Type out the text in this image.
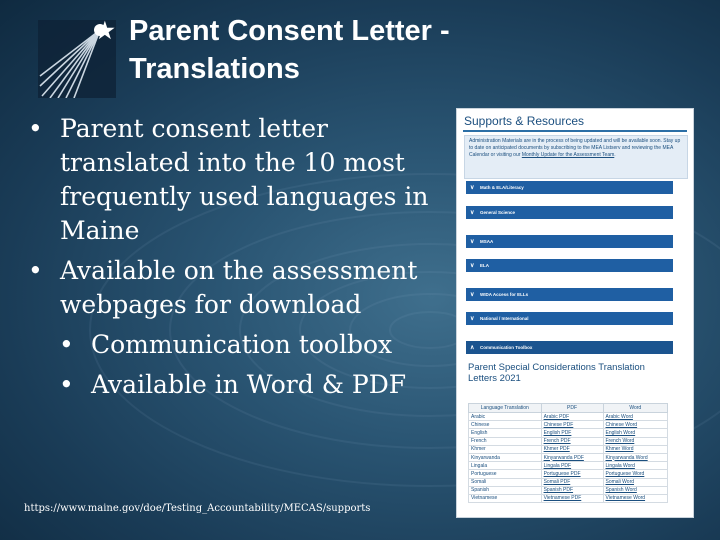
★ Parent Consent Letter -
Translations
• Parent consent letter translated into the 10 most frequently used languages in Maine
• Available on the assessment webpages for download
• Communication toolbox
• Available in Word & PDF
https://www.maine.gov/doe/Testing_Accountability/MECAS/supports
Supports & Resources
Administration Materials are in the process of being updated and will be available soon. Stay up to date on anticipated documents by subscribing to the MEA Listserv and reviewing the MEA Calendar or visiting our Monthly Update for the Assessment Team.
∨ Math & ELA/Literacy
∨ General Science
∨ MSAA
∨ ELA
∨ WIDA Access for ELLs
∨ National / International
∧ Communication Toolbox
Parent Special Considerations Translation Letters 2021
Language Translation	PDF	Word
Arabic	Arabic PDF	Arabic Word
Chinese	Chinese PDF	Chinese Word
English	English PDF	English Word
French	French PDF	French Word
Khmer	Khmer PDF	Khmer Word
Kinyarwanda	Kinyarwanda PDF	Kinyarwanda Word
Lingala	Lingala PDF	Lingala Word
Portuguese	Portuguese PDF	Portuguese Word
Somali	Somali PDF	Somali Word
Spanish	Spanish PDF	Spanish Word
Vietnamese	Vietnamese PDF	Vietnamese Word
